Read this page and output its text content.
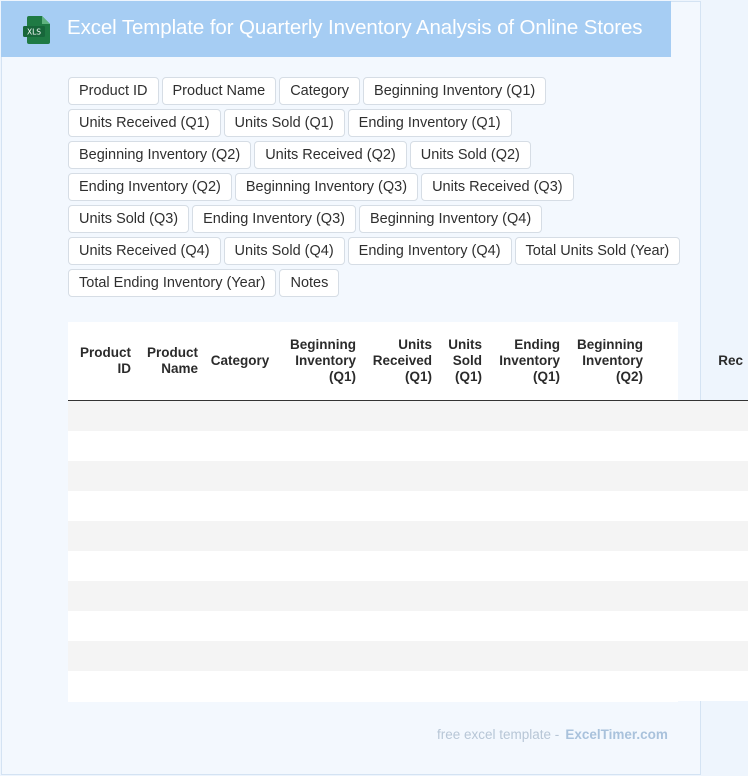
XLS Excel Template for Quarterly Inventory Analysis of Online Stores
Product ID	Product Name	Category	Beginning Inventory (Q1)
Units Received (Q1)	Units Sold (Q1)	Ending Inventory (Q1)
Beginning Inventory (Q2)	Units Received (Q2)	Units Sold (Q2)
Ending Inventory (Q2)	Beginning Inventory (Q3)	Units Received (Q3)
Units Sold (Q3)	Ending Inventory (Q3)	Beginning Inventory (Q4)
Units Received (Q4)	Units Sold (Q4)	Ending Inventory (Q4)	Total Units Sold (Year)
Total Ending Inventory (Year)	Notes
Product ID	Product Name	Category	Beginning Inventory (Q1)	Units Received (Q1)	Units Sold (Q1)	Ending Inventory (Q1)	Beginning Inventory (Q2)	Rec

free excel template - ExcelTimer.com
